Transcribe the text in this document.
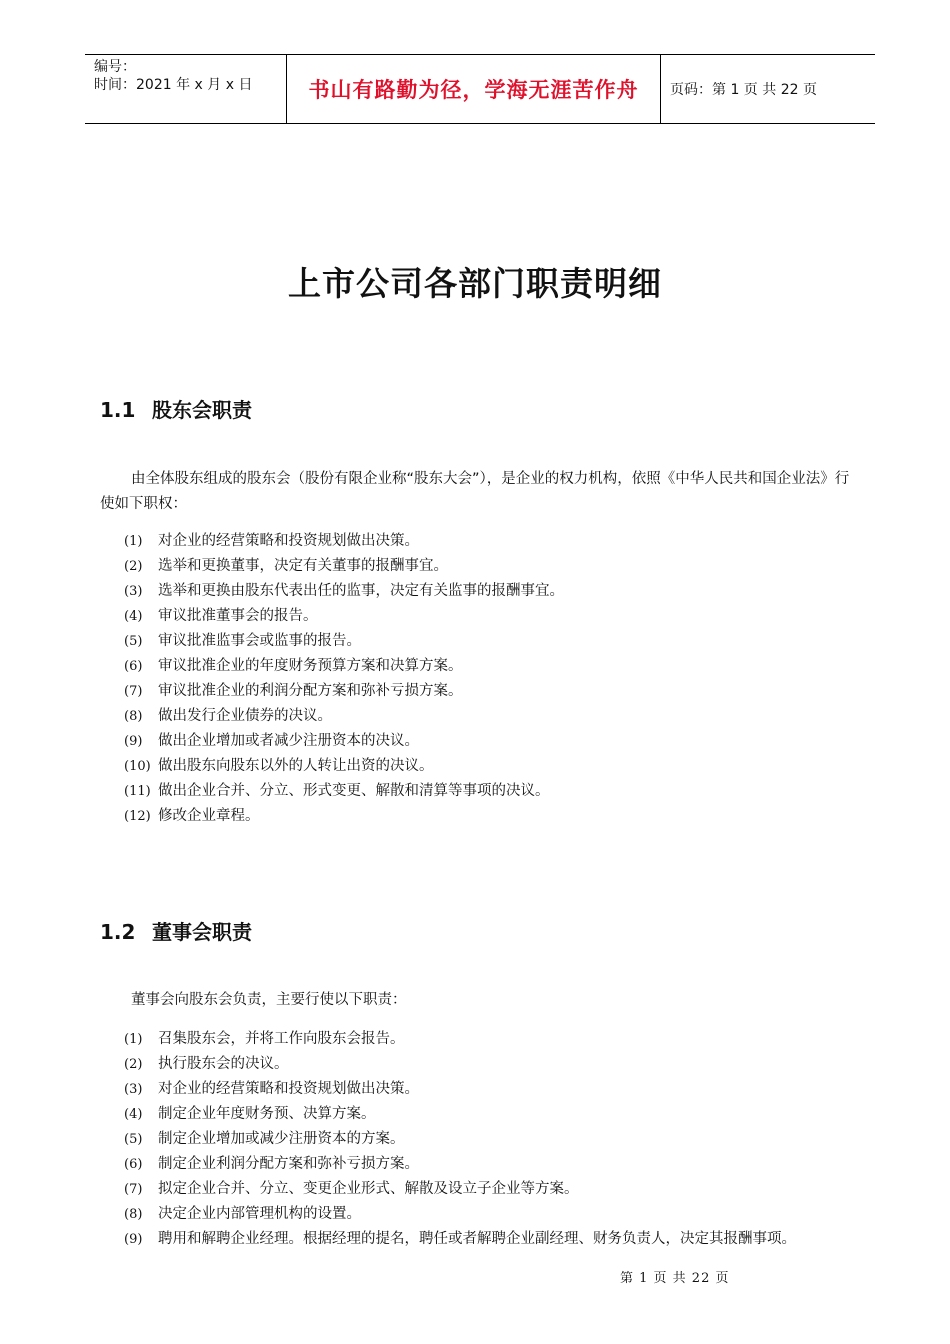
编号：
时间：2021 年 x 月 x 日	书山有路勤为径，学海无涯苦作舟 页码：第 1 页 共 22 页
上市公司各部门职责明细
1.1 股东会职责
由全体股东组成的股东会（股份有限企业称“股东大会”），是企业的权力机构，依照《中华人民共和国企业法》行使如下职权：
(1) 对企业的经营策略和投资规划做出决策。
(2) 选举和更换董事，决定有关董事的报酬事宜。
(3) 选举和更换由股东代表出任的监事，决定有关监事的报酬事宜。
(4) 审议批准董事会的报告。
(5) 审议批准监事会或监事的报告。
(6) 审议批准企业的年度财务预算方案和决算方案。
(7) 审议批准企业的利润分配方案和弥补亏损方案。
(8) 做出发行企业债券的决议。
(9) 做出企业增加或者减少注册资本的决议。
(10) 做出股东向股东以外的人转让出资的决议。
(11) 做出企业合并、分立、形式变更、解散和清算等事项的决议。
(12) 修改企业章程。
1.2 董事会职责
董事会向股东会负责，主要行使以下职责：
(1) 召集股东会，并将工作向股东会报告。
(2) 执行股东会的决议。
(3) 对企业的经营策略和投资规划做出决策。
(4) 制定企业年度财务预、决算方案。
(5) 制定企业增加或减少注册资本的方案。
(6) 制定企业利润分配方案和弥补亏损方案。
(7) 拟定企业合并、分立、变更企业形式、解散及设立子企业等方案。
(8) 决定企业内部管理机构的设置。
(9) 聘用和解聘企业经理。根据经理的提名，聘任或者解聘企业副经理、财务负责人，决定其报酬事项。
第 1 页 共 22 页
